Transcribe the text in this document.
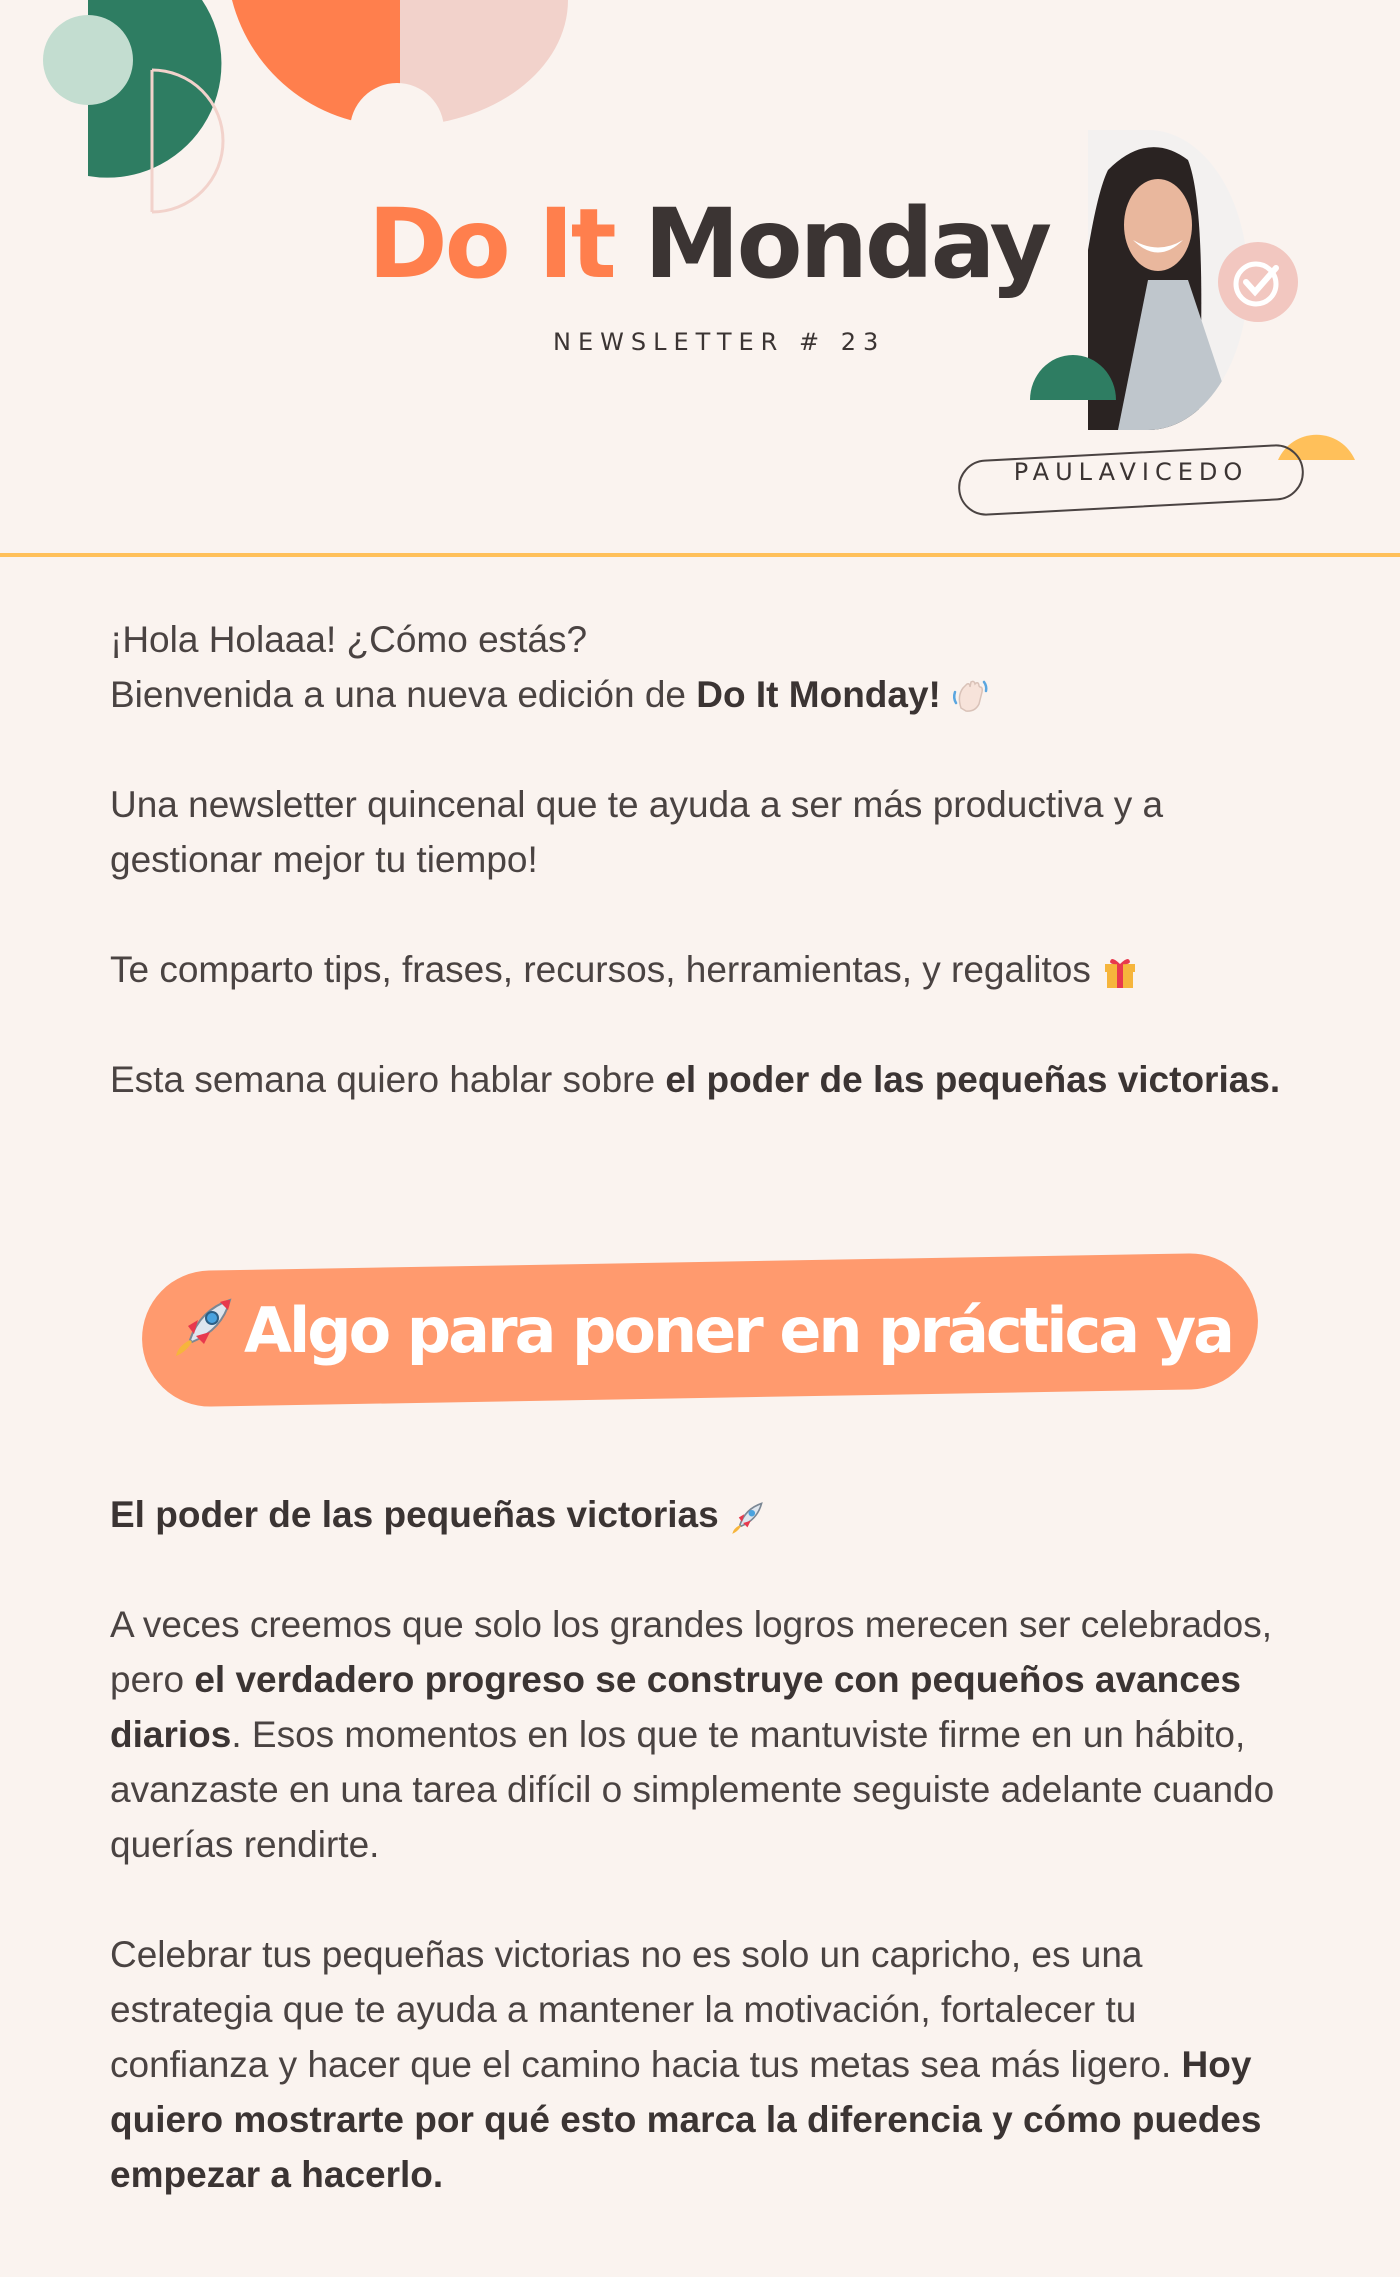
Do It Monday
NEWSLETTER # 23
PAULAVICEDO

¡Hola Holaaa! ¿Cómo estás?
Bienvenida a una nueva edición de Do It Monday!

Una newsletter quincenal que te ayuda a ser más productiva y a gestionar mejor tu tiempo!

Te comparto tips, frases, recursos, herramientas, y regalitos

Esta semana quiero hablar sobre el poder de las pequeñas victorias.

Algo para poner en práctica ya

El poder de las pequeñas victorias

A veces creemos que solo los grandes logros merecen ser celebrados, pero el verdadero progreso se construye con pequeños avances diarios. Esos momentos en los que te mantuviste firme en un hábito, avanzaste en una tarea difícil o simplemente seguiste adelante cuando querías rendirte.

Celebrar tus pequeñas victorias no es solo un capricho, es una estrategia que te ayuda a mantener la motivación, fortalecer tu confianza y hacer que el camino hacia tus metas sea más ligero. Hoy quiero mostrarte por qué esto marca la diferencia y cómo puedes empezar a hacerlo.
